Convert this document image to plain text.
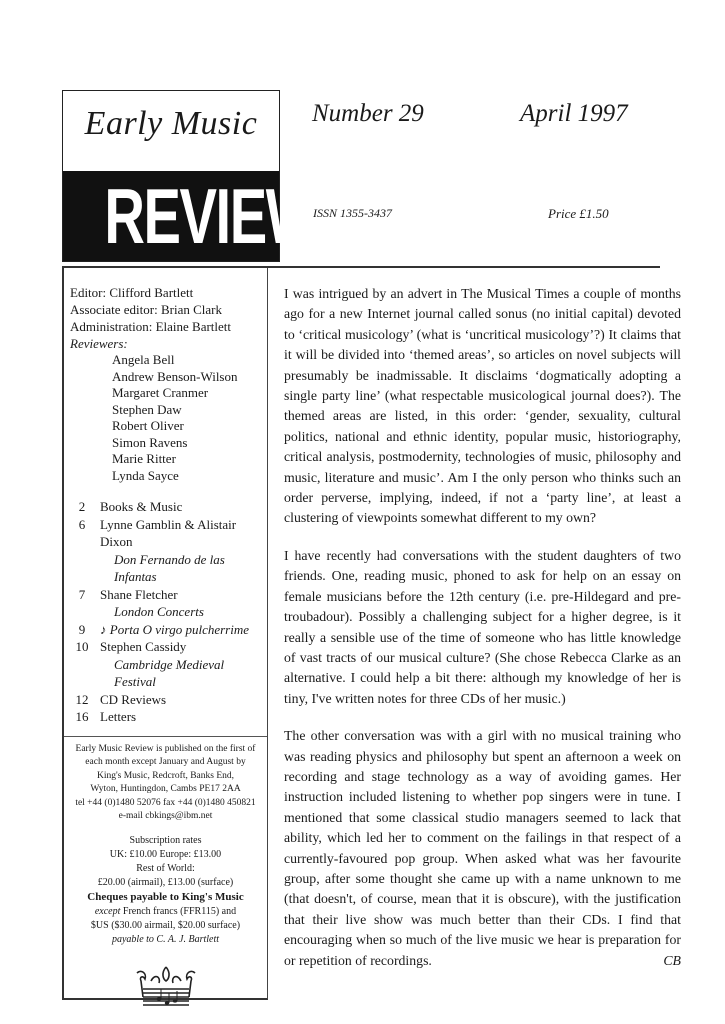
Early Music
REVIEW
Number 29	April 1997
ISSN 1355-3437	Price £1.50
Editor: Clifford Bartlett
Associate editor: Brian Clark
Administration: Elaine Bartlett
Reviewers:
Angela Bell
Andrew Benson-Wilson
Margaret Cranmer
Stephen Daw
Robert Oliver
Simon Ravens
Marie Ritter
Lynda Sayce
2	Books & Music
6	Lynne Gamblin & Alistair Dixon
Don Fernando de las Infantas
7	Shane Fletcher
London Concerts
9	♪ Porta O virgo pulcherrime
10 Stephen Cassidy
Cambridge Medieval Festival
12 CD Reviews
16 Letters
Early Music Review is published on the first of each month except January and August by
King's Music, Redcroft, Banks End,
Wyton, Huntingdon, Cambs PE17 2AA
tel +44 (0)1480 52076 fax +44 (0)1480 450821
e-mail cbkings@ibm.net
Subscription rates
UK: £10.00 Europe: £13.00
Rest of World:
£20.00 (airmail), £13.00 (surface)
Cheques payable to King's Music
except French francs (FFR115) and
$US ($30.00 airmail, $20.00 surface)
payable to C. A. J. Bartlett

I was intrigued by an advert in The Musical Times a couple of months ago for a new Internet journal called sonus (no initial capital) devoted to ‘critical musicology’ (what is ‘uncritical musicology’?) It claims that it will be divided into ‘themed areas’, so articles on novel subjects will presumably be inadmissable. It disclaims ‘dogmatically adopting a single party line’ (what respectable musicological journal does?). The themed areas are listed, in this order: ‘gender, sexuality, cultural politics, national and ethnic identity, popular music, historiography, critical analysis, postmodernity, technologies of music, philosophy and music, literature and music’. Am I the only person who thinks such an order perverse, implying, indeed, if not a ‘party line’, at least a clustering of viewpoints somewhat different to my own?

I have recently had conversations with the student daughters of two friends. One, reading music, phoned to ask for help on an essay on female musicians before the 12th century (i.e. pre-Hildegard and pre-troubadour). Possibly a challenging subject for a higher degree, is it really a sensible use of the time of someone who has little knowledge of vast tracts of our musical culture? (She chose Rebecca Clarke as an alternative. I could help a bit there: although my knowledge of her is tiny, I've written notes for three CDs of her music.)

The other conversation was with a girl with no musical training who was reading physics and philosophy but spent an afternoon a week on recording and stage technology as a way of avoiding games. Her instruction included listening to whether pop singers were in tune. I mentioned that some classical studio managers seemed to lack that ability, which led her to comment on the failings in that respect of a currently-favoured pop group. When asked what was her favourite group, after some thought she came up with a name unknown to me (that doesn't, of course, mean that it is obscure), with the justification that their live show was much better than their CDs. I find that encouraging when so much of the live music we hear is preparation for or repetition of recordings.	CB
